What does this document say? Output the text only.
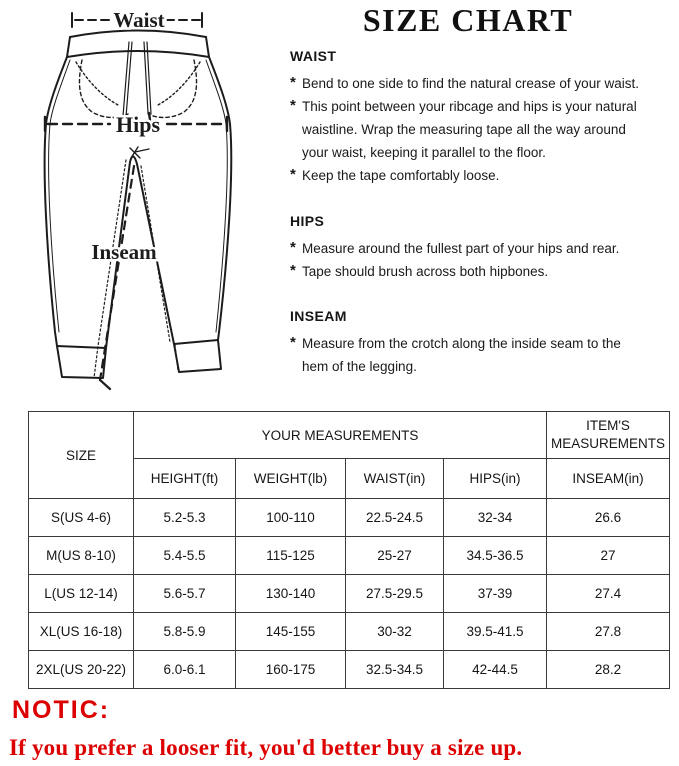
Waist
Hips
Inseam
SIZE CHART
WAIST
* Bend to one side to find the natural crease of your waist.
* This point between your ribcage and hips is your natural
waistline. Wrap the measuring tape all the way around
your waist, keeping it parallel to the floor.
* Keep the tape comfortably loose.
HIPS
* Measure around the fullest part of your hips and rear.
* Tape should brush across both hipbones.
INSEAM
* Measure from the crotch along the inside seam to the
hem of the legging.
SIZE	YOUR MEASUREMENTS				ITEM'S MEASUREMENTS
	HEIGHT(ft)	WEIGHT(lb)	WAIST(in)	HIPS(in)	INSEAM(in)
S(US 4-6)	5.2-5.3	100-110	22.5-24.5	32-34	26.6
M(US 8-10)	5.4-5.5	115-125	25-27	34.5-36.5	27
L(US 12-14)	5.6-5.7	130-140	27.5-29.5	37-39	27.4
XL(US 16-18)	5.8-5.9	145-155	30-32	39.5-41.5	27.8
2XL(US 20-22)	6.0-6.1	160-175	32.5-34.5	42-44.5	28.2
NOTIC:
If you prefer a looser fit, you'd better buy a size up.
